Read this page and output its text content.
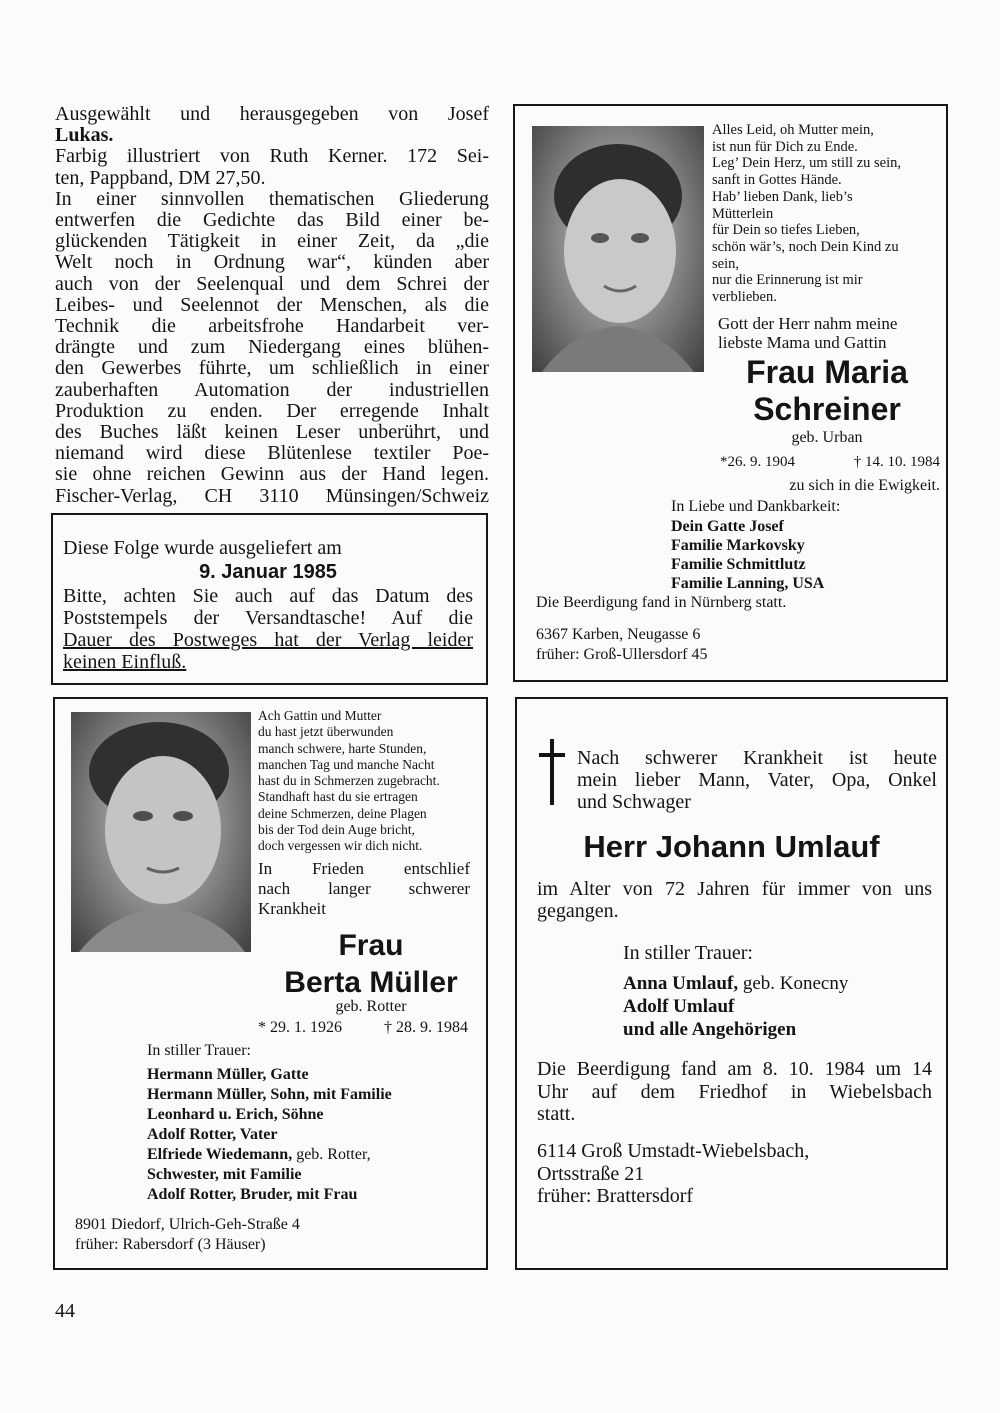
Ausgewählt und herausgegeben von Josef
Lukas.
Farbig illustriert von Ruth Kerner. 172 Sei-
ten, Pappband, DM 27,50.
In einer sinnvollen thematischen Gliederung
entwerfen die Gedichte das Bild einer be-
glückenden Tätigkeit in einer Zeit, da „die
Welt noch in Ordnung war“, künden aber
auch von der Seelenqual und dem Schrei der
Leibes- und Seelennot der Menschen, als die
Technik die arbeitsfrohe Handarbeit ver-
drängte und zum Niedergang eines blühen-
den Gewerbes führte, um schließlich in einer
zauberhaften Automation der industriellen
Produktion zu enden. Der erregende Inhalt
des Buches läßt keinen Leser unberührt, und
niemand wird diese Blütenlese textiler Poe-
sie ohne reichen Gewinn aus der Hand legen.
Fischer-Verlag, CH 3110 Münsingen/Schweiz
Diese Folge wurde ausgeliefert am
9. Januar 1985
Bitte, achten Sie auch auf das Datum des
Poststempels der Versandtasche! Auf die
Dauer des Postweges hat der Verlag leider
keinen Einfluß.
Alles Leid, oh Mutter mein,
ist nun für Dich zu Ende.
Leg’ Dein Herz, um still zu sein,
sanft in Gottes Hände.
Hab’ lieben Dank, lieb’s
Mütterlein
für Dein so tiefes Lieben,
schön wär’s, noch Dein Kind zu
sein,
nur die Erinnerung ist mir
verblieben.
Gott der Herr nahm meine
liebste Mama und Gattin
Frau Maria
Schreiner
geb. Urban
*26. 9. 1904	† 14. 10. 1984
zu sich in die Ewigkeit.
In Liebe und Dankbarkeit:
Dein Gatte Josef
Familie Markovsky
Familie Schmittlutz
Familie Lanning, USA
Die Beerdigung fand in Nürnberg statt.
6367 Karben, Neugasse 6
früher: Groß-Ullersdorf 45
Ach Gattin und Mutter
du hast jetzt überwunden
manch schwere, harte Stunden,
manchen Tag und manche Nacht
hast du in Schmerzen zugebracht.
Standhaft hast du sie ertragen
deine Schmerzen, deine Plagen
bis der Tod dein Auge bricht,
doch vergessen wir dich nicht.
In Frieden entschlief
nach langer schwerer
Krankheit
Frau
Berta Müller
geb. Rotter
* 29. 1. 1926	† 28. 9. 1984
In stiller Trauer:
Hermann Müller, Gatte
Hermann Müller, Sohn, mit Familie
Leonhard u. Erich, Söhne
Adolf Rotter, Vater
Elfriede Wiedemann, geb. Rotter,
Schwester, mit Familie
Adolf Rotter, Bruder, mit Frau
8901 Diedorf, Ulrich-Geh-Straße 4
früher: Rabersdorf (3 Häuser)
Nach schwerer Krankheit ist heute
mein lieber Mann, Vater, Opa, Onkel
und Schwager
Herr Johann Umlauf
im Alter von 72 Jahren für immer von uns
gegangen.
In stiller Trauer:
Anna Umlauf, geb. Konecny
Adolf Umlauf
und alle Angehörigen
Die Beerdigung fand am 8. 10. 1984 um 14
Uhr auf dem Friedhof in Wiebelsbach
statt.
6114 Groß Umstadt-Wiebelsbach,
Ortsstraße 21
früher: Brattersdorf
44
